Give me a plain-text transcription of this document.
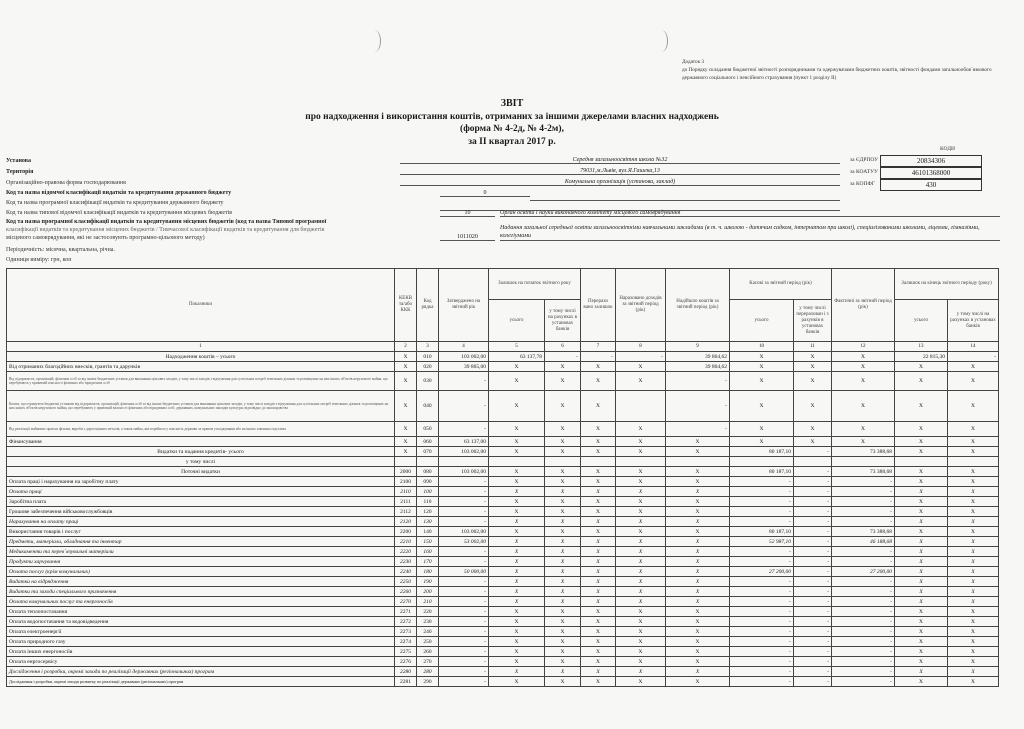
Додаток 3
до Порядку складання бюджетної звітності розпорядниками та одержувачами бюджетних коштів, звітності фондами загальнообов`язкового державного соціального і пенсійного страхування (пункт 1 розділу II)
ЗВІТ
про надходження і використання коштів, отриманих за іншими джерелами власних надходжень
(форма № 4-2д, № 4-2м),
за II квартал 2017 р.
КОДИ
за ЄДРПОУ	20834306
за КОАТУУ	46101368000
за КОПФГ	430
Установа	Середня загальноосвітня школа №32
Територія	79031,м.Львів, вул.Я.Гашека,13
Організаційно-правова форма господарювання	Комунальна організація (установа, заклад)
Код та назва відомчої класифікації видатків та кредитування державного бюджету	0
Код та назва програмної класифікації видатків та кредитування державного бюджету
Код та назва типової відомчої класифікації видатків та кредитування місцевих бюджетів	10	Орган освіти і науки виконавчого комітету місцевого самоврядування
Код та назва програмної класифікації видатків та кредитування місцевих бюджетів (код та назва Типової програмної
класифікації видатків та кредитування місцевих бюджетів / Тимчасової класифікації видатків та кредитування для бюджетів
місцевого самоврядування, які не застосовують програмно-цільового методу)	1011020
Надання загальної середньої освіти загальноосвітніми навчальними закладами (в т. ч. школою - дитячим садком, інтернатом при школі), спеціалізованими школами, ліцеями, гімназіями, колегіумами
Періодичність: місячна, квартальна, річна.
Одиниця виміру: грн, коп
Показники	КЕКВ та/або ККК	Код рядка	Затверджено на звітний рік	Залишок на початок звітного року		Перерахо вано залишок	Нараховано доходів за звітний період (рік)	Надійшло коштів за звітний період (рік)	Касові за звітний період (рік)		Фактичні за звітний період (рік)	Залишок на кінець звітного періоду (року)	
				усього	у тому числі на рахунках в установах банків				усього	у тому числі перерахован і з рахунків в установах банків		усього	у тому числі на рахунках в установах банків
1	2	3	4	5	6	7	8	9	10	11	12	13	14
Надходження коштів – усього	X	010	103 002,00	63 137,78	-	-	-	39 864,62	X	X	X	22 815,30	-
Від отриманих благодійних внесків, грантів та дарунків	X	020	39 865,00	X	X	X	X	39 864,62	X	X	X	X	X
Від підприємств, організацій, фізичних осіб та від інших бюджетних установ для виконання цільових заходів, у тому числі заходів з відчуження для суспільних потреб земельних ділянок та розміщених на них інших об'єктів нерухомого майна, що перебувають у приватній власності фізичних або юридичних осіб	X	030	-	X	X	X	X	-	X	X	X	X	X
Кошти, що отримують бюджетні установи від підприємств, організацій, фізичних осіб та від інших бюджетних установ для виконання цільових заходів, у тому числі заходів з відчуження для суспільних потреб земельних ділянок та розміщених на них інших об'єктів нерухомого майна, що перебувають у приватній власності фізичних або юридичних осіб, державних, комунальних закладів культури, відповідно до законодавства	X	040	-	X	X	X		-	X	X	X	X	X
Від реалізації майнових прав на фільми, вироби з дорогоцінних металів, а також майна, яке перейшло у власність держави за правом успадкування або на інших законних підставах	X	050	-	X	X	X	X	-	X	X	X	X	X
Фінансування	X	060	63 137,00	X	X	X	X	X	X	X	X	X	X
Видатки та надання кредитів- усього	X	070	103 002,00	X	X	X	X	X	80 187,10	-	73 388,68	X	X
у тому числі													
Поточні видатки	2000	080	103 002,00	X	X	X	X	X	80 187,10	-	73 388,68	X	X
Оплата праці і нарахування на заробітну плату	2100	090	-	X	X	X	X	X	-	-	-	X	X
Оплата праці	2110	100	-	X	X	X	X	X	-	-	-	X	X
Заробітна плата	2111	110	-	X	X	X	X	X	-	-	-	X	X
Грошове забезпечення військовослужбовців	2112	120	-	X	X	X	X	X	-	-	-	X	X
Нарахування на оплату праці	2120	130	-	X	X	X	X	X	-	-	-	X	X
Використання товарів і послуг	2200	140	103 002,00	X	X	X	X	X	80 187,10	-	73 388,68	X	X
Предмети, матеріали, обладнання та інвентар	2210	150	53 002,00	X	X	X	X	X	52 987,10	-	46 188,68	X	X
Медикаменти та перев`язувальні матеріали	2220	160	-	X	X	X	X	X	-	-	-	X	X
Продукти харчування	2230	170	-	X	X	X	X	X	-	-	-	X	X
Оплата послуг (крім комунальних)	2240	180	50 000,00	X	X	X	X	X	27 200,00	-	27 200,00	X	X
Видатки на відрядження	2250	190	-	X	X	X	X	X	-	-	-	X	X
Видатки та заходи спеціального призначення	2260	200	-	X	X	X	X	X	-	-	-	X	X
Оплата комунальних послуг та енергоносіїв	2270	210	-	X	X	X	X	X	-	-	-	X	X
Оплата теплопостачання	2271	220	-	X	X	X	X	X	-	-	-	X	X
Оплата водопостачання та водовідведення	2272	230	-	X	X	X	X	X	-	-	-	X	X
Оплата електроенергії	2273	240	-	X	X	X	X	X	-	-	-	X	X
Оплата природного газу	2274	250	-	X	X	X	X	X	-	-	-	X	X
Оплата інших енергоносіїв	2275	260	-	X	X	X	X	X	-	-	-	X	X
Оплата енргосервісу	2276	270	-	X	X	X	X	X	-	-	-	X	X
Дослідження і розробки, окремі заходи по реалізації державних (регіональних) програм	2280	280	-	X	X	X	X	X	-	-	-	X	X
Дослідження і розробки, окремі заходи розвитку по реалізації державних (регіональних) програм	2281	290	-	X	X	X	X	X	-	-	-	X	X
